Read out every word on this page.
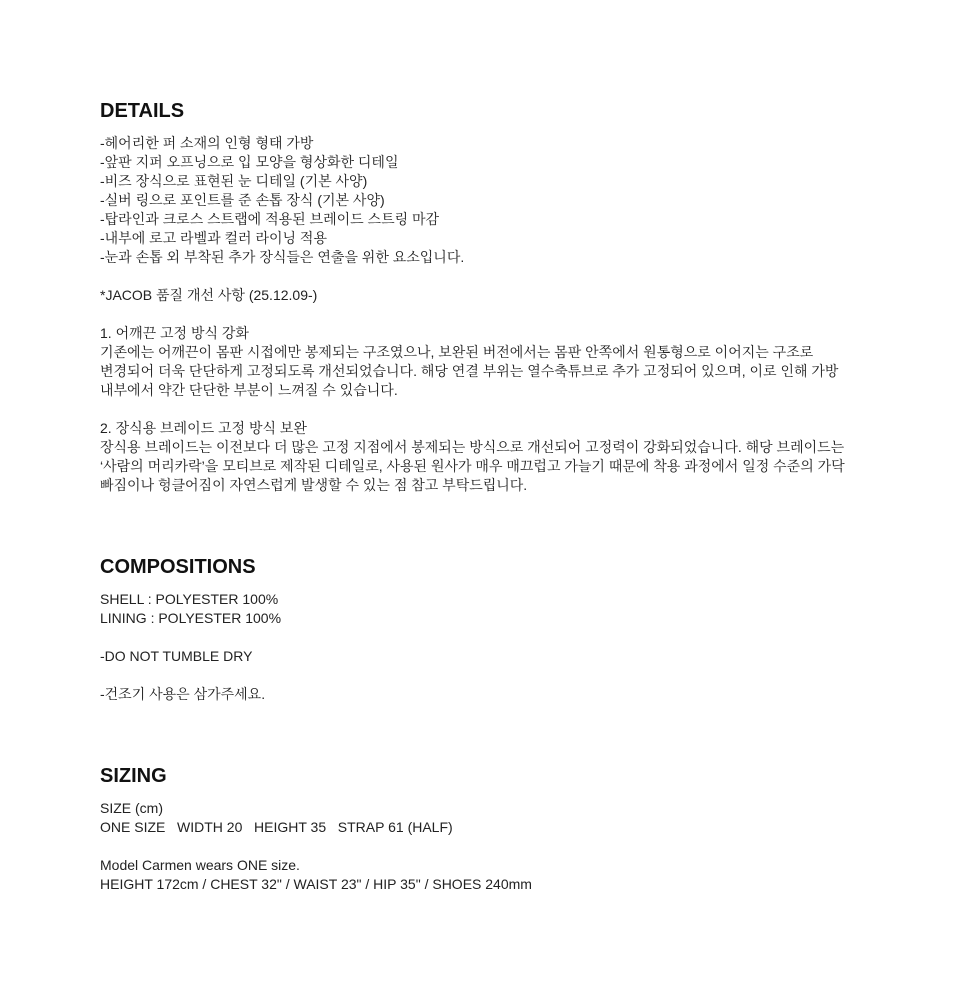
DETAILS
-헤어리한 퍼 소재의 인형 형태 가방
-앞판 지퍼 오프닝으로 입 모양을 형상화한 디테일
-비즈 장식으로 표현된 눈 디테일 (기본 사양)
-실버 링으로 포인트를 준 손톱 장식 (기본 사양)
-탑라인과 크로스 스트랩에 적용된 브레이드 스트링 마감
-내부에 로고 라벨과 컬러 라이닝 적용
-눈과 손톱 외 부착된 추가 장식들은 연출을 위한 요소입니다.
*JACOB 품질 개선 사항 (25.12.09-)
1. 어깨끈 고정 방식 강화
기존에는 어깨끈이 몸판 시접에만 봉제되는 구조였으나, 보완된 버전에서는 몸판 안쪽에서 원통형으로 이어지는 구조로 변경되어 더욱 단단하게 고정되도록 개선되었습니다. 해당 연결 부위는 열수축튜브로 추가 고정되어 있으며, 이로 인해 가방 내부에서 약간 단단한 부분이 느껴질 수 있습니다.
2. 장식용 브레이드 고정 방식 보완
장식용 브레이드는 이전보다 더 많은 고정 지점에서 봉제되는 방식으로 개선되어 고정력이 강화되었습니다. 해당 브레이드는 ‘사람의 머리카락’을 모티브로 제작된 디테일로, 사용된 원사가 매우 매끄럽고 가늘기 때문에 착용 과정에서 일정 수준의 가닥 빠짐이나 헝클어짐이 자연스럽게 발생할 수 있는 점 참고 부탁드립니다.
COMPOSITIONS
SHELL : POLYESTER 100%
LINING : POLYESTER 100%
-DO NOT TUMBLE DRY
-건조기 사용은 삼가주세요.
SIZING
SIZE (cm)
ONE SIZE   WIDTH 20   HEIGHT 35   STRAP 61 (HALF)
Model Carmen wears ONE size.
HEIGHT 172cm / CHEST 32" / WAIST 23" / HIP 35" / SHOES 240mm
